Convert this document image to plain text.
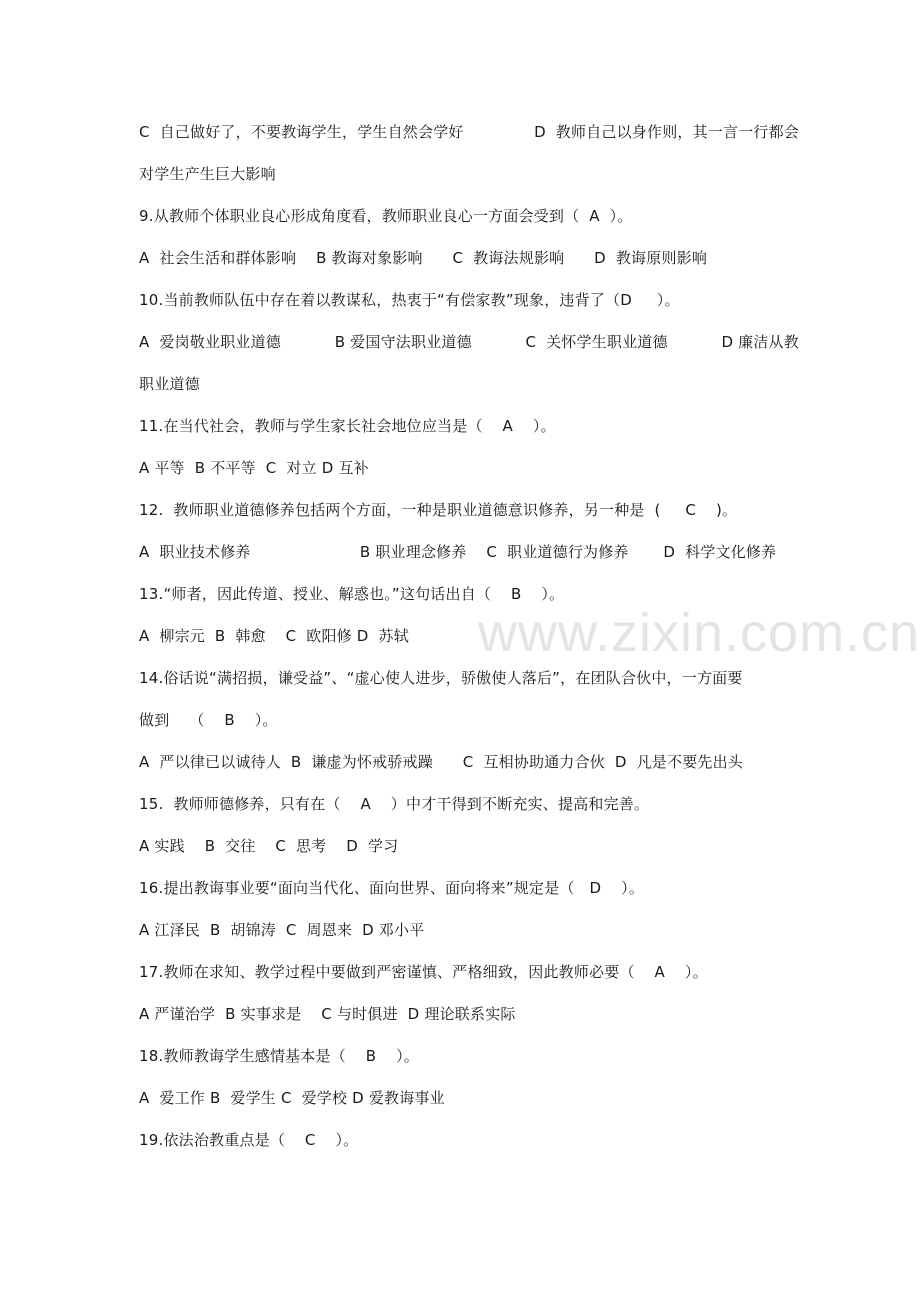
www.zixin.com.cn
C  自己做好了，不要教诲学生，学生自然会学好	D  教师自己以身作则，其一言一行都会
对学生产生巨大影响
9.从教师个体职业良心形成角度看，教师职业良心一方面会受到（  A  ）。
A  社会生活和群体影响    B 教诲对象影响      C  教诲法规影响      D  教诲原则影响
10.当前教师队伍中存在着以教谋私，热衷于“有偿家教”现象，违背了（D     ）。
A  爱岗敬业职业道德	B 爱国守法职业道德	C  关怀学生职业道德	D 廉洁从教
职业道德
11.在当代社会，教师与学生家长社会地位应当是（    A    ）。
A 平等  B 不平等  C  对立 D 互补
12.  教师职业道德修养包括两个方面，一种是职业道德意识修养，另一种是  (     C    )。
A  职业技术修养                      B 职业理念修养    C  职业道德行为修养       D  科学文化修养
13.“师者，因此传道、授业、解惑也。”这句话出自（    B    ）。
A  柳宗元  B  韩愈    C  欧阳修 D  苏轼
14.俗话说“满招损，谦受益”、“虚心使人进步，骄傲使人落后”，在团队合伙中，一方面要
做到    （    B    ）。
A  严以律已以诚待人  B  谦虚为怀戒骄戒躁      C  互相协助通力合伙  D  凡是不要先出头
15.  教师师德修养，只有在（    A    ）中才干得到不断充实、提高和完善。
A 实践    B  交往    C  思考    D  学习
16.提出教诲事业要“面向当代化、面向世界、面向将来”规定是（   D    ）。
A 江泽民  B  胡锦涛  C  周恩来  D 邓小平
17.教师在求知、教学过程中要做到严密谨慎、严格细致，因此教师必要（    A    ）。
A 严谨治学  B 实事求是    C 与时俱进  D 理论联系实际
18.教师教诲学生感情基本是（    B    ）。
A  爱工作 B  爱学生 C  爱学校 D 爱教诲事业
19.依法治教重点是（    C    ）。
